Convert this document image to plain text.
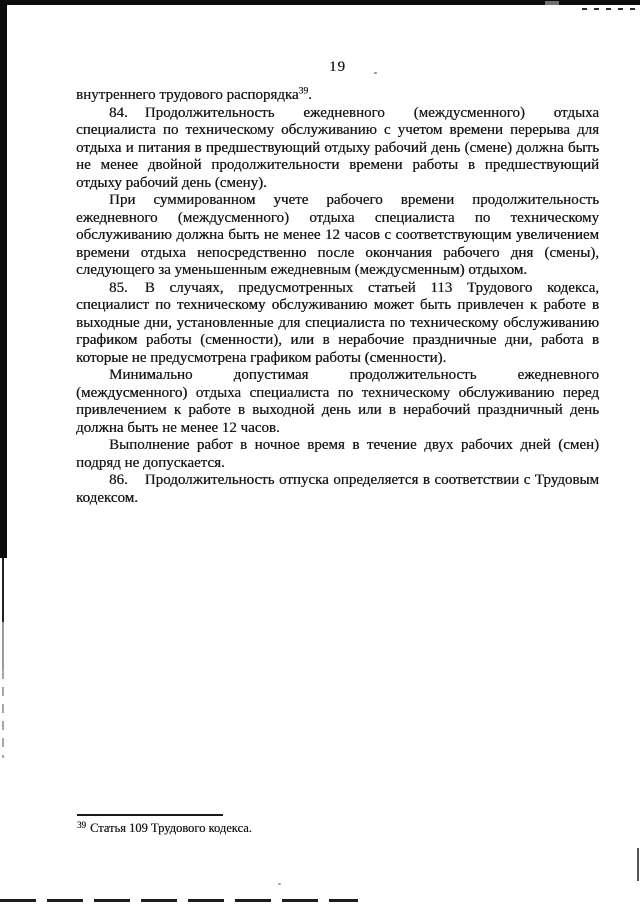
19

внутреннего трудового распорядка$^{39}$.

84. Продолжительность ежедневного (междусменного) отдыха специалиста по техническому обслуживанию с учетом времени перерыва для отдыха и питания в предшествующий отдыху рабочий день (смене) должна быть не менее двойной продолжительности времени работы в предшествующий отдыху рабочий день (смену).

При суммированном учете рабочего времени продолжительность ежедневного (междусменного) отдыха специалиста по техническому обслуживанию должна быть не менее 12 часов с соответствующим увеличением времени отдыха непосредственно после окончания рабочего дня (смены), следующего за уменьшенным ежедневным (междусменным) отдыхом.

85. В случаях, предусмотренных статьей 113 Трудового кодекса, специалист по техническому обслуживанию может быть привлечен к работе в выходные дни, установленные для специалиста по техническому обслуживанию графиком работы (сменности), или в нерабочие праздничные дни, работа в которые не предусмотрена графиком работы (сменности).

Минимально допустимая продолжительность ежедневного (междусменного) отдыха специалиста по техническому обслуживанию перед привлечением к работе в выходной день или в нерабочий праздничный день должна быть не менее 12 часов.

Выполнение работ в ночное время в течение двух рабочих дней (смен) подряд не допускается.

86. Продолжительность отпуска определяется в соответствии с Трудовым кодексом.

$^{39}$ Статья 109 Трудового кодекса.
